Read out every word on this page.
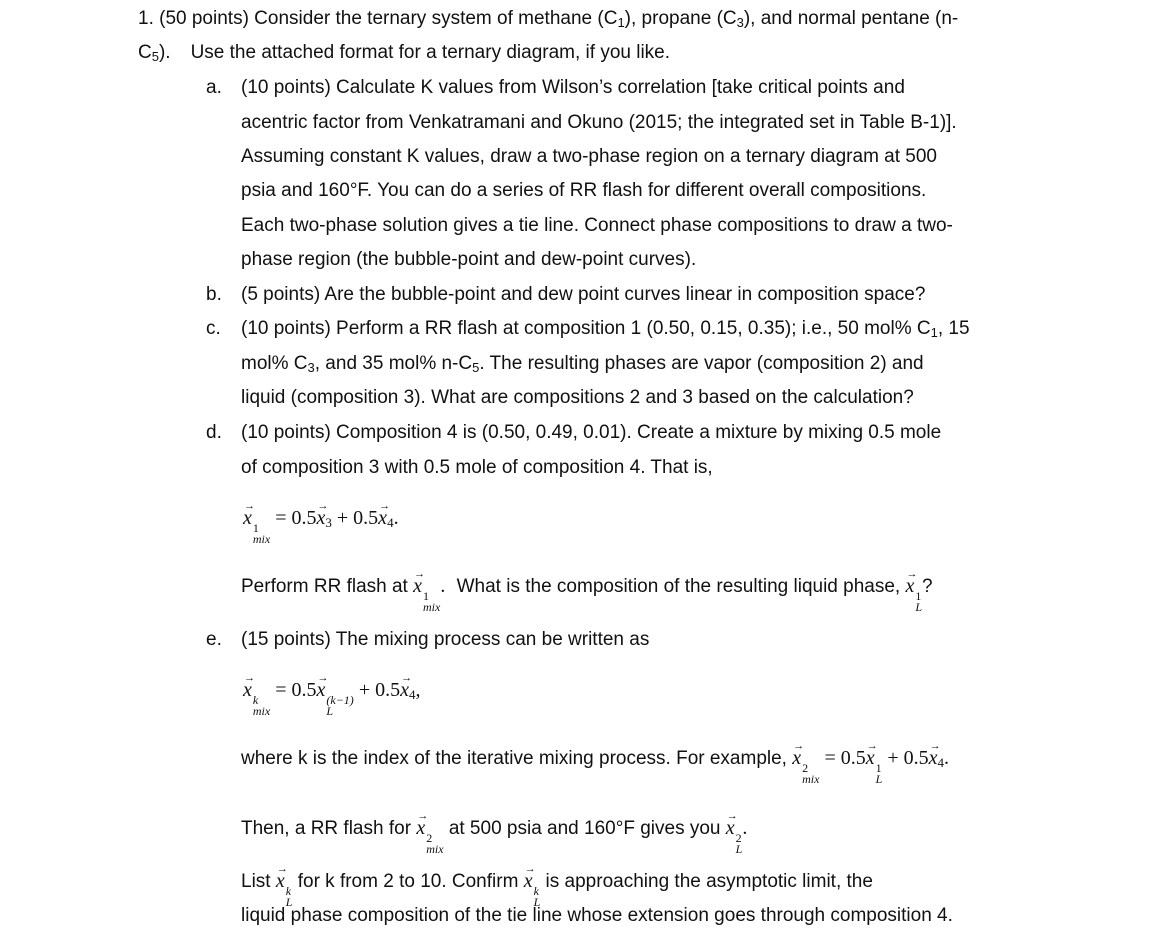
1. (50 points) Consider the ternary system of methane $(C_1)$, propane $(C_3)$, and normal pentane (n-
$C_5$). Use the attached format for a ternary diagram, if you like.
a.	(10 points) Calculate K values from Wilson’s correlation [take critical points and
acentric factor from Venkatramani and Okuno (2015; the integrated set in Table B-1)].
Assuming constant K values, draw a two-phase region on a ternary diagram at 500
psia and 160°F. You can do a series of RR flash for different overall compositions.
Each two-phase solution gives a tie line. Connect phase compositions to draw a two-
phase region (the bubble-point and dew-point curves).
b.	(5 points) Are the bubble-point and dew point curves linear in composition space?
c.	(10 points) Perform a RR flash at composition 1 (0.50, 0.15, 0.35); i.e., 50 mol% $C_1$, 15
mol% $C_3$, and 35 mol% $n-C_5$. The resulting phases are vapor (composition 2) and
liquid (composition 3). What are compositions 2 and 3 based on the calculation?
d.	(10 points) Composition 4 is (0.50, 0.49, 0.01). Create a mixture by mixing 0.5 mole
of composition 3 with 0.5 mole of composition 4. That is,
→ x 1
mix
= $0.5\to x_3 + 0.5\to x_4$.
Perform RR flash at → x 1
mix
. What is the composition of the resulting liquid phase, → x 1
L
?
e.	(15 points) The mixing process can be written as
→ x k
mix
= 0.5→ x (k−1)
L
+ $0.5\to x_4$,
where k is the index of the iterative mixing process. For example, → x 2
mix
= 0.5→ x 1
L
+ $0.5\to x_4$.
Then, a RR flash for → x 2
mix
at 500 psia and 160°F gives you → x 2
L
.
List → x k
L
for k from 2 to 10. Confirm → x k
L
is approaching the asymptotic limit, the
liquid phase composition of the tie line whose extension goes through composition 4.
